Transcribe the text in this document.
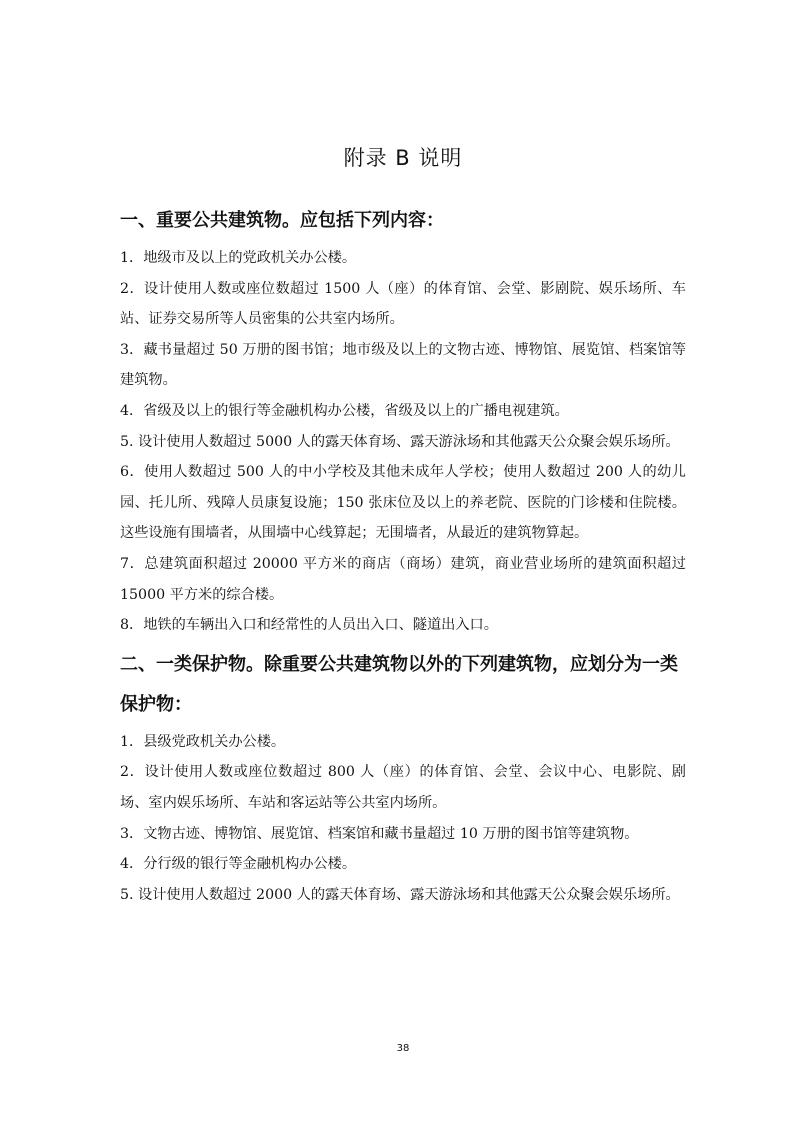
附录 B 说明
一、重要公共建筑物。应包括下列内容：

1．地级市及以上的党政机关办公楼。

2．设计使用人数或座位数超过 1500 人（座）的体育馆、会堂、影剧院、娱乐场所、车站、证券交易所等人员密集的公共室内场所。

3．藏书量超过 50 万册的图书馆；地市级及以上的文物古迹、博物馆、展览馆、档案馆等建筑物。

4．省级及以上的银行等金融机构办公楼，省级及以上的广播电视建筑。

5. 设计使用人数超过 5000 人的露天体育场、露天游泳场和其他露天公众聚会娱乐场所。

6．使用人数超过 500 人的中小学校及其他未成年人学校；使用人数超过 200 人的幼儿园、托儿所、残障人员康复设施；150 张床位及以上的养老院、医院的门诊楼和住院楼。这些设施有围墙者，从围墙中心线算起；无围墙者，从最近的建筑物算起。

7．总建筑面积超过 20000 平方米的商店（商场）建筑，商业营业场所的建筑面积超过 15000 平方米的综合楼。

8．地铁的车辆出入口和经常性的人员出入口、隧道出入口。

二、一类保护物。除重要公共建筑物以外的下列建筑物，应划分为一类保护物：

1．县级党政机关办公楼。

2．设计使用人数或座位数超过 800 人（座）的体育馆、会堂、会议中心、电影院、剧场、室内娱乐场所、车站和客运站等公共室内场所。

3．文物古迹、博物馆、展览馆、档案馆和藏书量超过 10 万册的图书馆等建筑物。

4．分行级的银行等金融机构办公楼。

5. 设计使用人数超过 2000 人的露天体育场、露天游泳场和其他露天公众聚会娱乐场所。

38
